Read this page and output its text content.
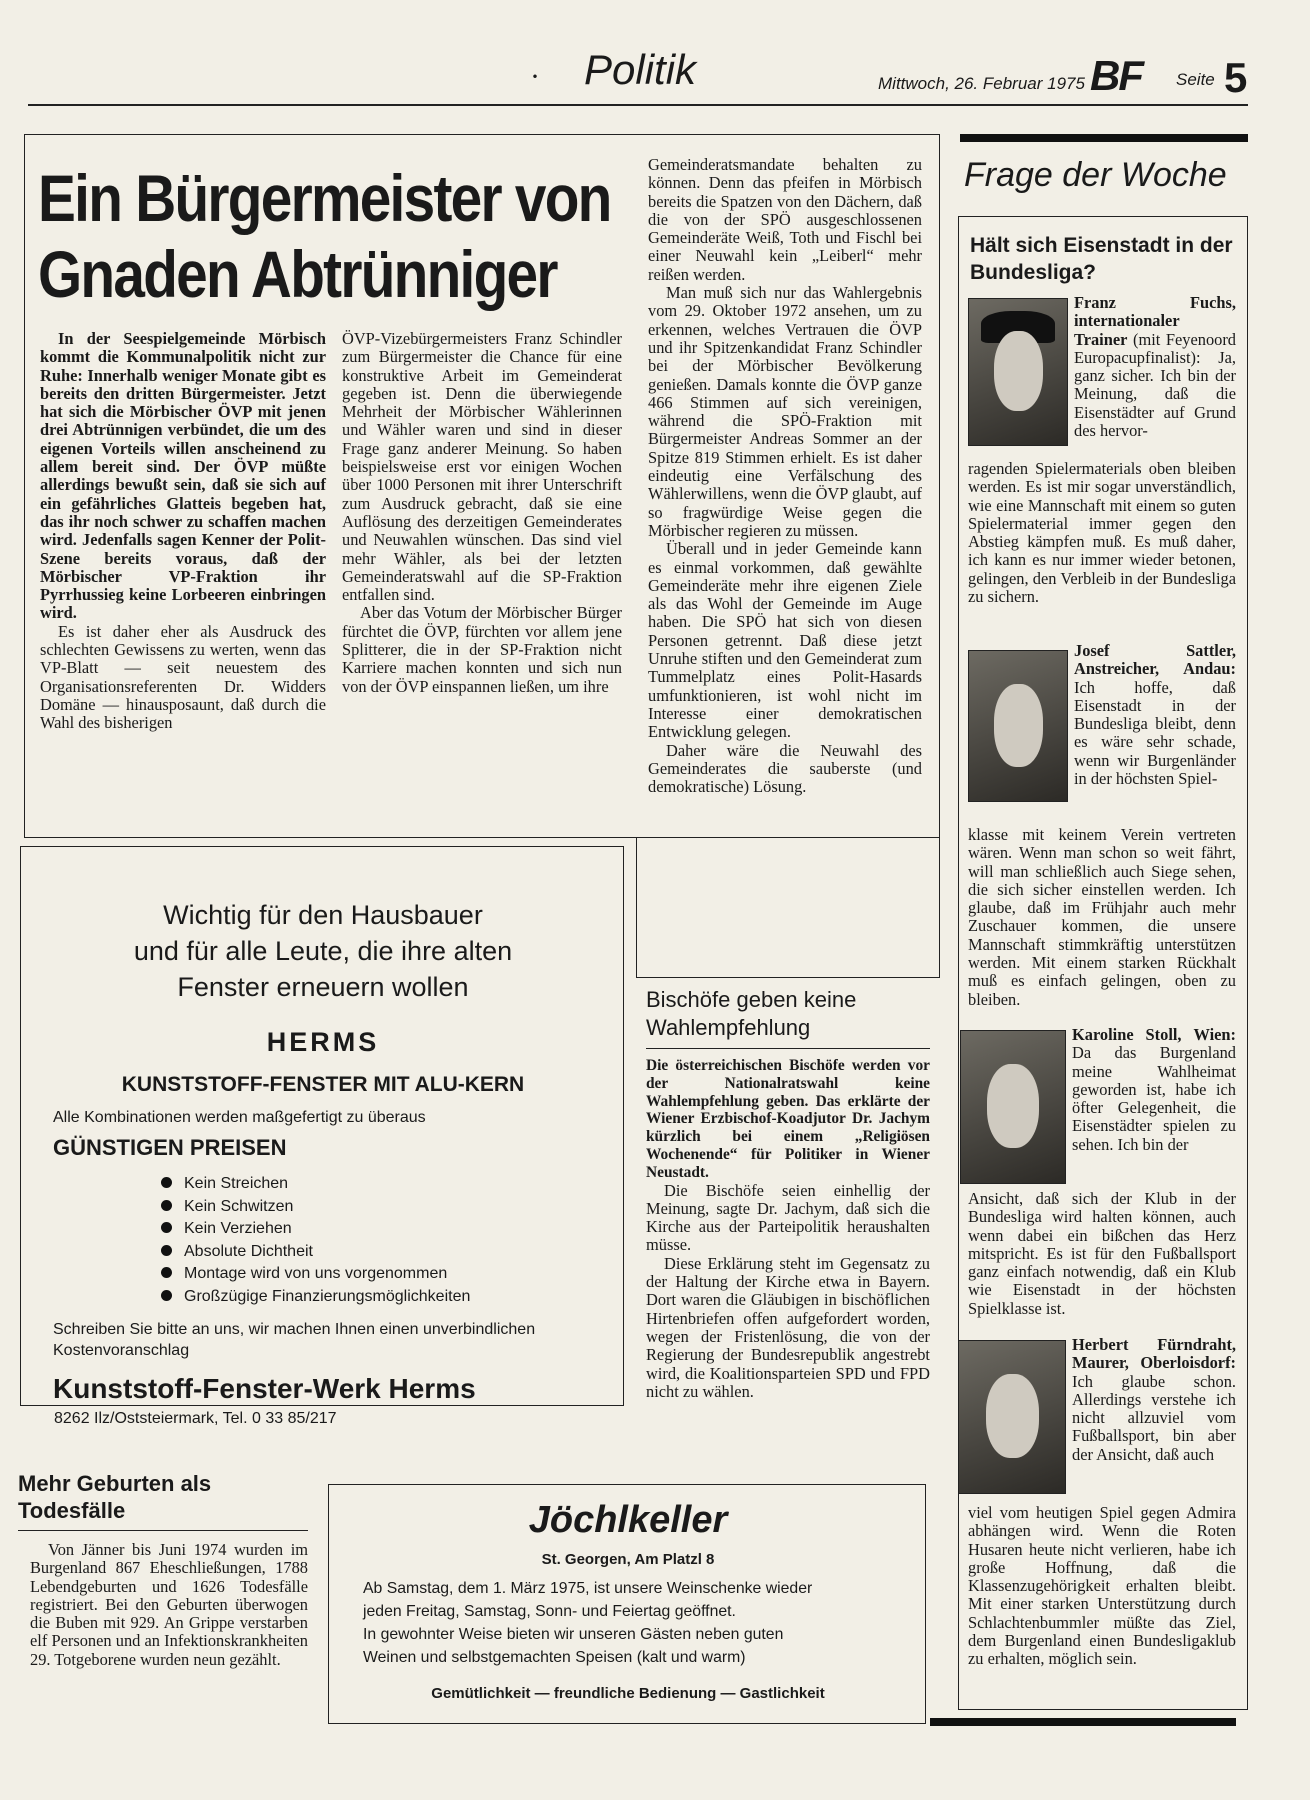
· Politik	Mittwoch, 26. Februar 1975 BF Seite 5
Ein Bürgermeister von
Gnaden Abtrünniger

In der Seespielgemeinde Mörbisch kommt die Kommunalpolitik nicht zur Ruhe: Innerhalb weniger Monate gibt es bereits den dritten Bürgermeister. Jetzt hat sich die Mörbischer ÖVP mit jenen drei Abtrünnigen verbündet, die um des eigenen Vorteils willen anscheinend zu allem bereit sind. Der ÖVP müßte allerdings bewußt sein, daß sie sich auf ein gefährliches Glatteis begeben hat, das ihr noch schwer zu schaffen machen wird. Jedenfalls sagen Kenner der Polit-Szene bereits voraus, daß der Mörbischer VP-Fraktion ihr Pyrrhussieg keine Lorbeeren einbringen wird.

Es ist daher eher als Ausdruck des schlechten Gewissens zu werten, wenn das VP-Blatt — seit neuestem des Organisationsreferenten Dr. Widders Domäne — hinausposaunt, daß durch die Wahl des bisherigen

ÖVP-Vizebürgermeisters Franz Schindler zum Bürgermeister die Chance für eine konstruktive Arbeit im Gemeinderat gegeben ist. Denn die überwiegende Mehrheit der Mörbischer Wählerinnen und Wähler waren und sind in dieser Frage ganz anderer Meinung. So haben beispielsweise erst vor einigen Wochen über 1000 Personen mit ihrer Unterschrift zum Ausdruck gebracht, daß sie eine Auflösung des derzeitigen Gemeinderates und Neuwahlen wünschen. Das sind viel mehr Wähler, als bei der letzten Gemeinderatswahl auf die SP-Fraktion entfallen sind.

Aber das Votum der Mörbischer Bürger fürchtet die ÖVP, fürchten vor allem jene Splitterer, die in der SP-Fraktion nicht Karriere machen konnten und sich nun von der ÖVP einspannen ließen, um ihre

Gemeinderatsmandate behalten zu können. Denn das pfeifen in Mörbisch bereits die Spatzen von den Dächern, daß die von der SPÖ ausgeschlossenen Gemeinderäte Weiß, Toth und Fischl bei einer Neuwahl kein „Leiberl“ mehr reißen werden.

Man muß sich nur das Wahlergebnis vom 29. Oktober 1972 ansehen, um zu erkennen, welches Vertrauen die ÖVP und ihr Spitzenkandidat Franz Schindler bei der Mörbischer Bevölkerung genießen. Damals konnte die ÖVP ganze 466 Stimmen auf sich vereinigen, während die SPÖ-Fraktion mit Bürgermeister Andreas Sommer an der Spitze 819 Stimmen erhielt. Es ist daher eindeutig eine Verfälschung des Wählerwillens, wenn die ÖVP glaubt, auf so fragwürdige Weise gegen die Mörbischer regieren zu müssen.

Überall und in jeder Gemeinde kann es einmal vorkommen, daß gewählte Gemeinderäte mehr ihre eigenen Ziele als das Wohl der Gemeinde im Auge haben. Die SPÖ hat sich von diesen Personen getrennt. Daß diese jetzt Unruhe stiften und den Gemeinderat zum Tummelplatz eines Polit-Hasards umfunktionieren, ist wohl nicht im Interesse einer demokratischen Entwicklung gelegen.

Daher wäre die Neuwahl des Gemeinderates die sauberste (und demokratische) Lösung.

Wichtig für den Hausbauer
und für alle Leute, die ihre alten
Fenster erneuern wollen
HERMS
KUNSTSTOFF-FENSTER MIT ALU-KERN
Alle Kombinationen werden maßgefertigt zu überaus
GÜNSTIGEN PREISEN
Kein Streichen
Kein Schwitzen
Kein Verziehen
Absolute Dichtheit
Montage wird von uns vorgenommen
Großzügige Finanzierungsmöglichkeiten
Schreiben Sie bitte an uns, wir machen Ihnen einen unverbindlichen Kostenvoranschlag
Kunststoff-Fenster-Werk Herms
8262 Ilz/Oststeiermark, Tel. 0 33 85/217
Bischöfe geben keine
Wahlempfehlung

Die österreichischen Bischöfe werden vor der Nationalratswahl keine Wahlempfehlung geben. Das erklärte der Wiener Erzbischof-Koadjutor Dr. Jachym kürzlich bei einem „Religiösen Wochenende“ für Politiker in Wiener Neustadt.

Die Bischöfe seien einhellig der Meinung, sagte Dr. Jachym, daß sich die Kirche aus der Parteipolitik heraushalten müsse.

Diese Erklärung steht im Gegensatz zu der Haltung der Kirche etwa in Bayern. Dort waren die Gläubigen in bischöflichen Hirtenbriefen offen aufgefordert worden, wegen der Fristenlösung, die von der Regierung der Bundesrepublik angestrebt wird, die Koalitionsparteien SPD und FPD nicht zu wählen.

Mehr Geburten als
Todesfälle

Von Jänner bis Juni 1974 wurden im Burgenland 867 Eheschließungen, 1788 Lebendgeburten und 1626 Todesfälle registriert. Bei den Geburten überwogen die Buben mit 929. An Grippe verstarben elf Personen und an Infektionskrankheiten 29. Totgeborene wurden neun gezählt.

Jöchlkeller
St. Georgen, Am Platzl 8
Ab Samstag, dem 1. März 1975, ist unsere Weinschenke wieder
jeden Freitag, Samstag, Sonn- und Feiertag geöffnet.
In gewohnter Weise bieten wir unseren Gästen neben guten
Weinen und selbstgemachten Speisen (kalt und warm)
Gemütlichkeit — freundliche Bedienung — Gastlichkeit
Frage der Woche
Hält sich Eisenstadt in der Bundesliga?

Franz Fuchs, internationaler Trainer (mit Feyenoord Europacupfinalist): Ja, ganz sicher. Ich bin der Meinung, daß die Eisenstädter auf Grund des hervor-

ragenden Spielermaterials oben bleiben werden. Es ist mir sogar unverständlich, wie eine Mannschaft mit einem so guten Spielermaterial immer gegen den Abstieg kämpfen muß. Es muß daher, ich kann es nur immer wieder betonen, gelingen, den Verbleib in der Bundesliga zu sichern.

Josef Sattler, Anstreicher, Andau: Ich hoffe, daß Eisenstadt in der Bundesliga bleibt, denn es wäre sehr schade, wenn wir Burgenländer in der höchsten Spiel-

klasse mit keinem Verein vertreten wären. Wenn man schon so weit fährt, will man schließlich auch Siege sehen, die sich sicher einstellen werden. Ich glaube, daß im Frühjahr auch mehr Zuschauer kommen, die unsere Mannschaft stimmkräftig unterstützen werden. Mit einem starken Rückhalt muß es einfach gelingen, oben zu bleiben.

Karoline Stoll, Wien: Da das Burgenland meine Wahlheimat geworden ist, habe ich öfter Gelegenheit, die Eisenstädter spielen zu sehen. Ich bin der

Ansicht, daß sich der Klub in der Bundesliga wird halten können, auch wenn dabei ein bißchen das Herz mitspricht. Es ist für den Fußballsport ganz einfach notwendig, daß ein Klub wie Eisenstadt in der höchsten Spielklasse ist.

Herbert Fürndraht, Maurer, Oberloisdorf: Ich glaube schon. Allerdings verstehe ich nicht allzuviel vom Fußballsport, bin aber der Ansicht, daß auch

viel vom heutigen Spiel gegen Admira abhängen wird. Wenn die Roten Husaren heute nicht verlieren, habe ich große Hoffnung, daß die Klassenzugehörigkeit erhalten bleibt. Mit einer starken Unterstützung durch Schlachtenbummler müßte das Ziel, dem Burgenland einen Bundesligaklub zu erhalten, möglich sein.
